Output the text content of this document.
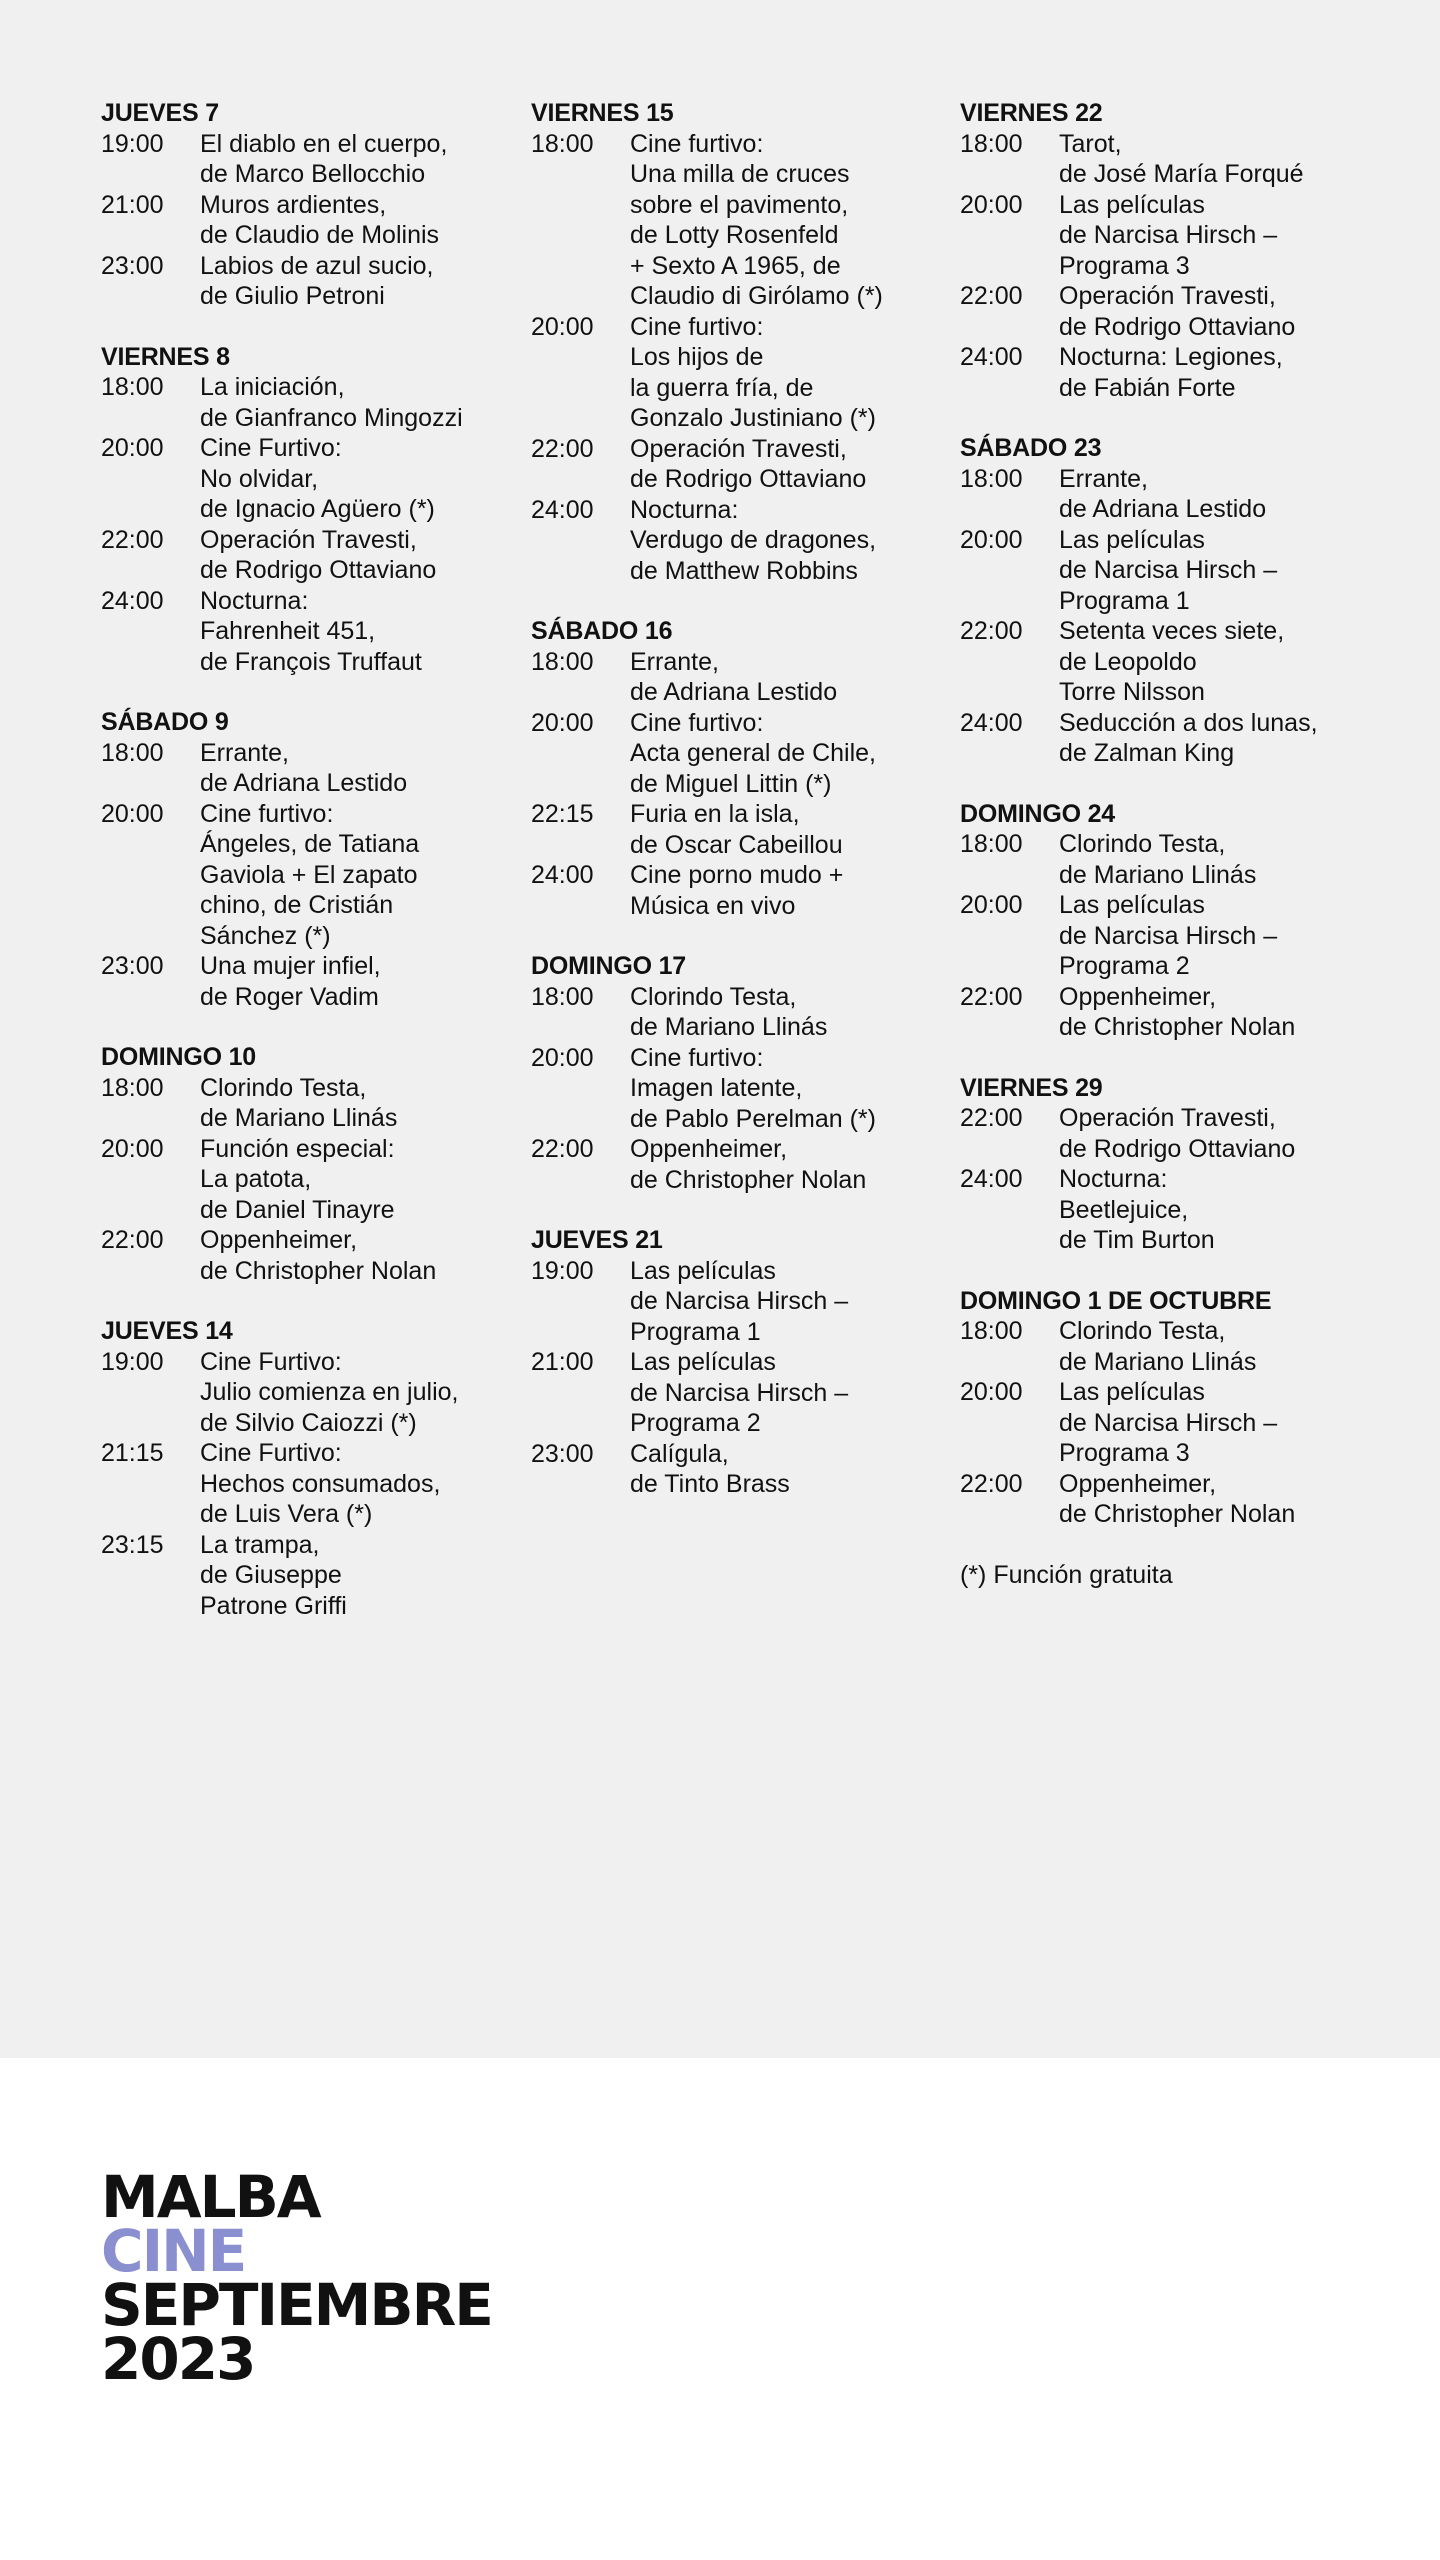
JUEVES 7
19:00	El diablo en el cuerpo,
de Marco Bellocchio
21:00	Muros ardientes,
de Claudio de Molinis
23:00	Labios de azul sucio,
de Giulio Petroni
VIERNES 8
18:00	La iniciación,
de Gianfranco Mingozzi
20:00	Cine Furtivo:
No olvidar,
de Ignacio Agüero (*)
22:00	Operación Travesti,
de Rodrigo Ottaviano
24:00	Nocturna:
Fahrenheit 451,
de François Truffaut
SÁBADO 9
18:00	Errante,
de Adriana Lestido
20:00	Cine furtivo:
Ángeles, de Tatiana
Gaviola + El zapato
chino, de Cristián
Sánchez (*)
23:00	Una mujer infiel,
de Roger Vadim
DOMINGO 10
18:00	Clorindo Testa,
de Mariano Llinás
20:00	Función especial:
La patota,
de Daniel Tinayre
22:00	Oppenheimer,
de Christopher Nolan
JUEVES 14
19:00	Cine Furtivo:
Julio comienza en julio,
de Silvio Caiozzi (*)
21:15	Cine Furtivo:
Hechos consumados,
de Luis Vera (*)
23:15	La trampa,
de Giuseppe
Patrone Griffi
VIERNES 15
18:00	Cine furtivo:
Una milla de cruces
sobre el pavimento,
de Lotty Rosenfeld
+ Sexto A 1965, de
Claudio di Girólamo (*)
20:00	Cine furtivo:
Los hijos de
la guerra fría, de
Gonzalo Justiniano (*)
22:00	Operación Travesti,
de Rodrigo Ottaviano
24:00	Nocturna:
Verdugo de dragones,
de Matthew Robbins
SÁBADO 16
18:00	Errante,
de Adriana Lestido
20:00	Cine furtivo:
Acta general de Chile,
de Miguel Littin (*)
22:15	Furia en la isla,
de Oscar Cabeillou
24:00	Cine porno mudo +
Música en vivo
DOMINGO 17
18:00	Clorindo Testa,
de Mariano Llinás
20:00	Cine furtivo:
Imagen latente,
de Pablo Perelman (*)
22:00	Oppenheimer,
de Christopher Nolan
JUEVES 21
19:00	Las películas
de Narcisa Hirsch –
Programa 1
21:00	Las películas
de Narcisa Hirsch –
Programa 2
23:00	Calígula,
de Tinto Brass
VIERNES 22
18:00	Tarot,
de José María Forqué
20:00	Las películas
de Narcisa Hirsch –
Programa 3
22:00	Operación Travesti,
de Rodrigo Ottaviano
24:00	Nocturna: Legiones,
de Fabián Forte
SÁBADO 23
18:00	Errante,
de Adriana Lestido
20:00	Las películas
de Narcisa Hirsch –
Programa 1
22:00	Setenta veces siete,
de Leopoldo
Torre Nilsson
24:00	Seducción a dos lunas,
de Zalman King
DOMINGO 24
18:00	Clorindo Testa,
de Mariano Llinás
20:00	Las películas
de Narcisa Hirsch –
Programa 2
22:00	Oppenheimer,
de Christopher Nolan
VIERNES 29
22:00	Operación Travesti,
de Rodrigo Ottaviano
24:00	Nocturna:
Beetlejuice,
de Tim Burton
DOMINGO 1 DE OCTUBRE
18:00	Clorindo Testa,
de Mariano Llinás
20:00	Las películas
de Narcisa Hirsch –
Programa 3
22:00	Oppenheimer,
de Christopher Nolan
(*) Función gratuita
MALBA
CINE
SEPTIEMBRE
2023
